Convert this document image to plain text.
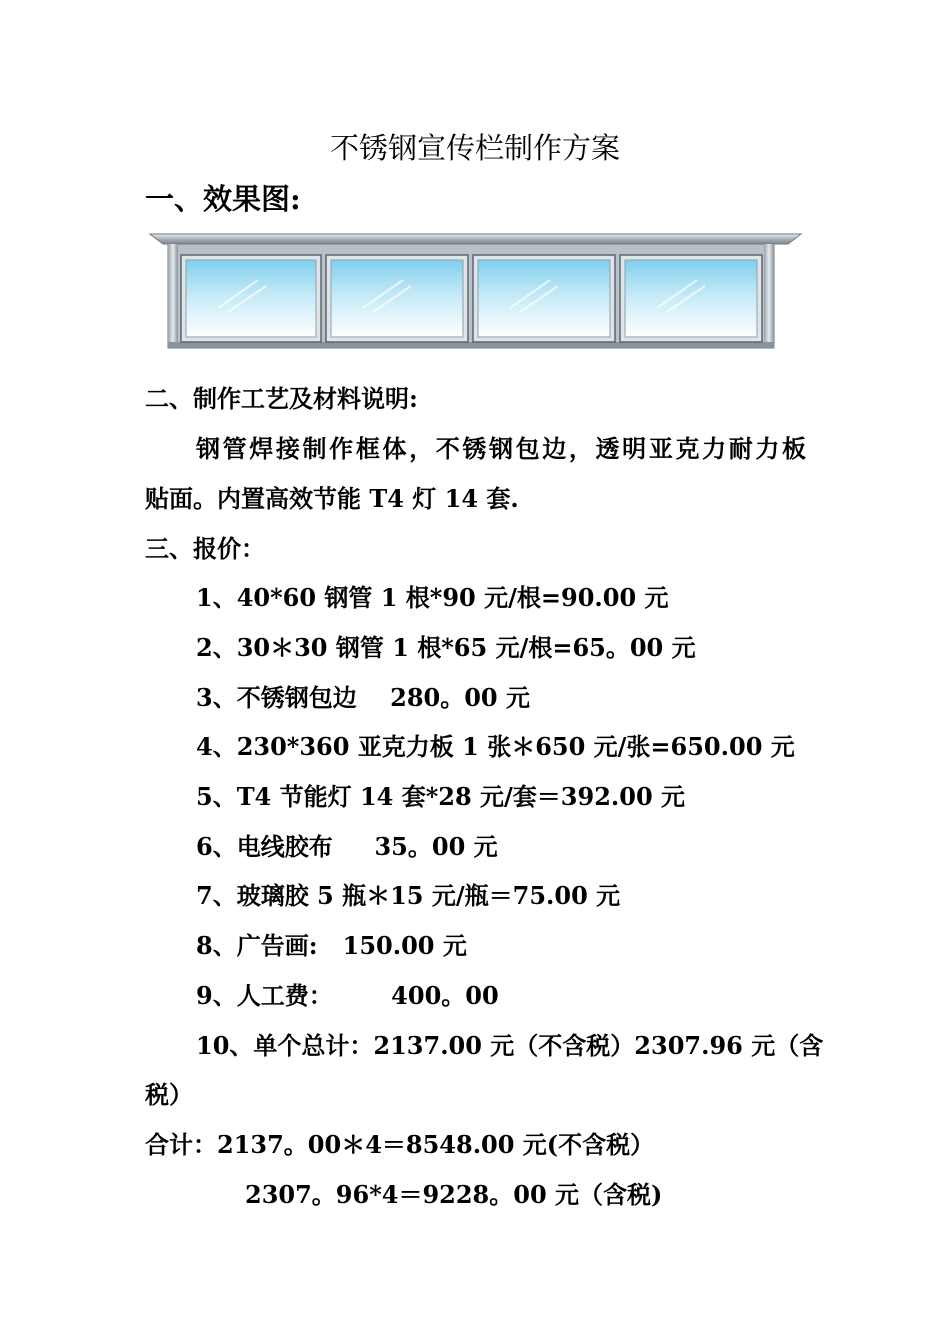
不锈钢宣传栏制作方案
一、效果图:
二、制作工艺及材料说明:
钢管焊接制作框体，不锈钢包边，透明亚克力耐力板
贴面。内置高效节能 T4 灯 14 套.
三、报价：
1、40*60 钢管 1 根*90 元/根=90.00 元
2、30＊30 钢管 1 根*65 元/根=65。00 元
3、不锈钢包边    280。00 元
4、230*360 亚克力板 1 张＊650 元/张=650.00 元
5、T4 节能灯 14 套*28 元/套＝392.00 元
6、电线胶布     35。00 元
7、玻璃胶 5 瓶＊15 元/瓶＝75.00 元
8、广告画:   150.00 元
9、人工费：       400。00
10、单个总计：2137.00 元（不含税）2307.96 元（含
税）
合计：2137。00＊4＝8548.00 元(不含税）
2307。96*4＝9228。00 元（含税)
